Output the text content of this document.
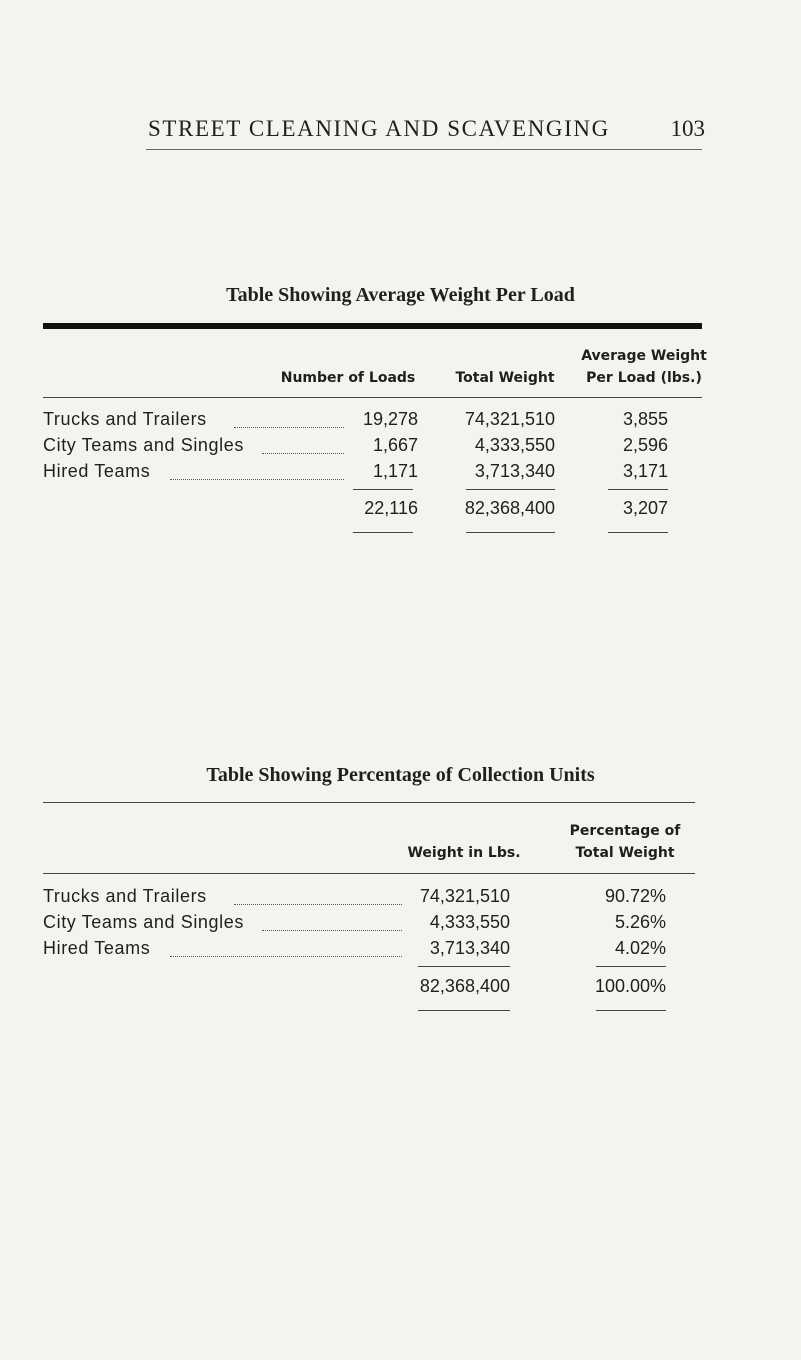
STREET CLEANING AND SCAVENGING	103
Table Showing Average Weight Per Load
Number of Loads	Total Weight
Average Weight
Per Load (lbs.)
Trucks and Trailers	19,278	74,321,510	3,855
City Teams and Singles	1,667	4,333,550	2,596
Hired Teams	1,171	3,713,340	3,171
22,116	82,368,400	3,207
Table Showing Percentage of Collection Units
Weight in Lbs.
Percentage of
Total Weight
Trucks and Trailers	74,321,510	90.72%
City Teams and Singles	4,333,550	5.26%
Hired Teams	3,713,340	4.02%
82,368,400	100.00%
